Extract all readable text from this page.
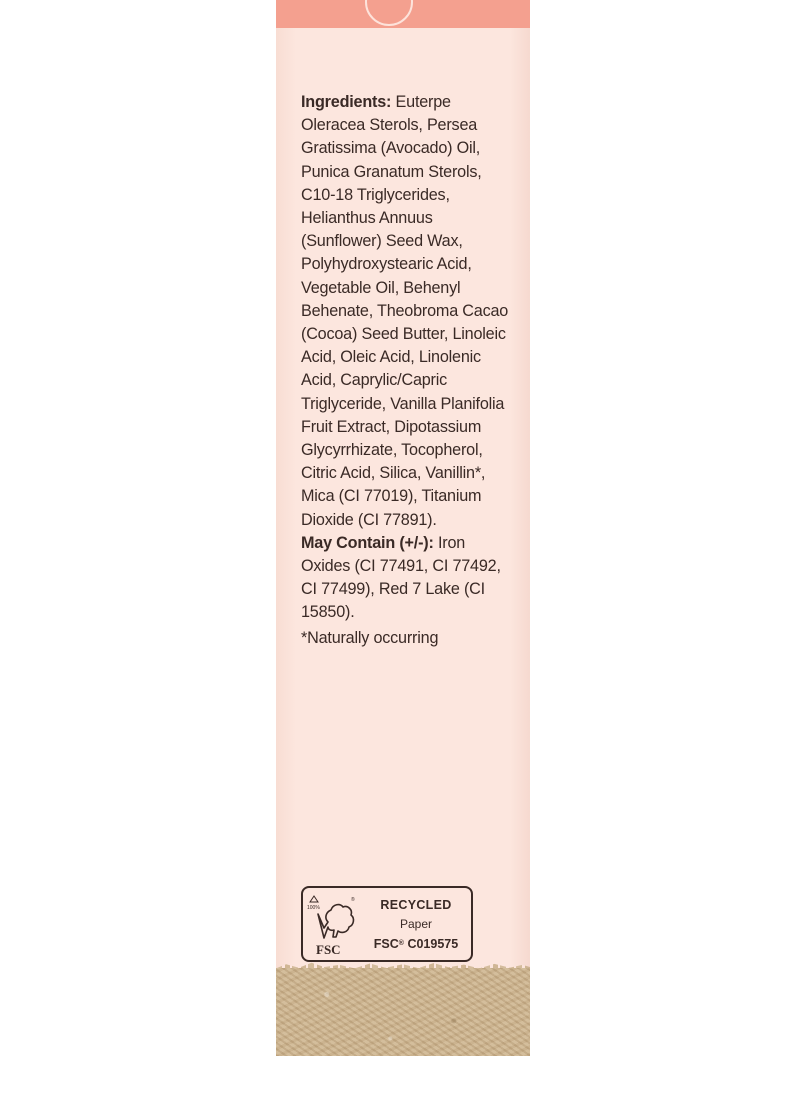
Ingredients: Euterpe Oleracea Sterols, Persea Gratissima (Avocado) Oil, Punica Granatum Sterols, C10-18 Triglycerides, Helianthus Annuus (Sunflower) Seed Wax, Polyhydroxystearic Acid, Vegetable Oil, Behenyl Behenate, Theobroma Cacao (Cocoa) Seed Butter, Linoleic Acid, Oleic Acid, Linolenic Acid, Caprylic/Capric Triglyceride, Vanilla Planifolia Fruit Extract, Dipotassium Glycyrrhizate, Tocopherol, Citric Acid, Silica, Vanillin*, Mica (CI 77019), Titanium Dioxide (CI 77891).

May Contain (+/-): Iron Oxides (CI 77491, CI 77492, CI 77499), Red 7 Lake (CI 15850).

*Naturally occurring

100%
®
FSC
RECYCLED
Paper
FSC® C019575
